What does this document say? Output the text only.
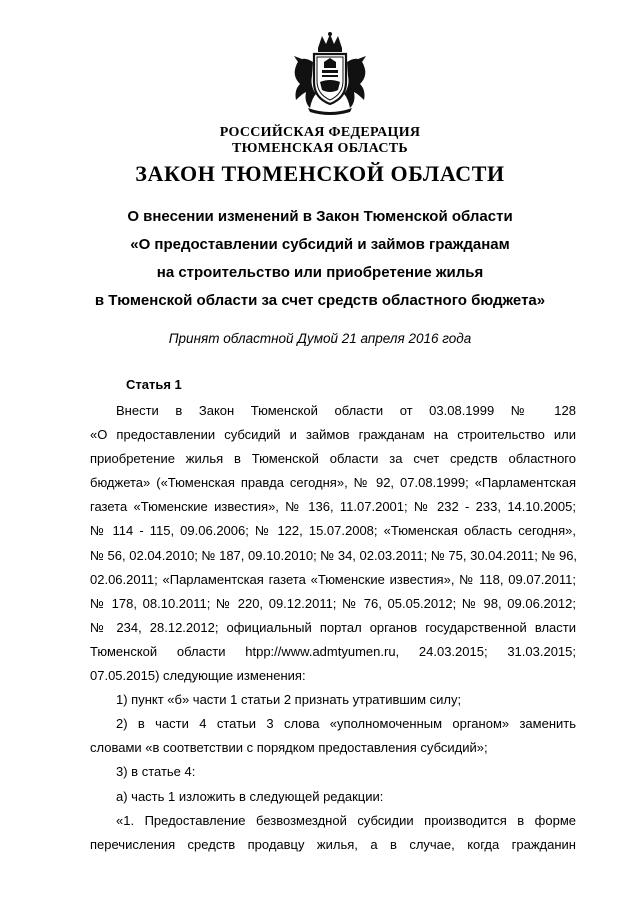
РОССИЙСКАЯ ФЕДЕРАЦИЯ
ТЮМЕНСКАЯ ОБЛАСТЬ
ЗАКОН ТЮМЕНСКОЙ ОБЛАСТИ
О внесении изменений в Закон Тюменской области
«О предоставлении субсидий и займов гражданам
на строительство или приобретение жилья
в Тюменской области за счет средств областного бюджета»
Принят областной Думой 21 апреля 2016 года
Статья 1
Внести в Закон Тюменской области от 03.08.1999 № 128
«О предоставлении субсидий и займов гражданам на строительство или
приобретение жилья в Тюменской области за счет средств областного
бюджета» («Тюменская правда сегодня», № 92, 07.08.1999; «Парламентская
газета «Тюменские известия», № 136, 11.07.2001; № 232 - 233, 14.10.2005;
№ 114 - 115, 09.06.2006; № 122, 15.07.2008; «Тюменская область сегодня»,
№ 56, 02.04.2010; № 187, 09.10.2010; № 34, 02.03.2011; № 75, 30.04.2011; № 96,
02.06.2011; «Парламентская газета «Тюменские известия», № 118, 09.07.2011;
№ 178, 08.10.2011; № 220, 09.12.2011; № 76, 05.05.2012; № 98, 09.06.2012;
№ 234, 28.12.2012; официальный портал органов государственной власти
Тюменской области htpp://www.admtyumen.ru, 24.03.2015; 31.03.2015;
07.05.2015) следующие изменения:
1) пункт «б» части 1 статьи 2 признать утратившим силу;
2) в части 4 статьи 3 слова «уполномоченным органом» заменить
словами «в соответствии с порядком предоставления субсидий»;
3) в статье 4:
а) часть 1 изложить в следующей редакции:
«1. Предоставление безвозмездной субсидии производится в форме
перечисления средств продавцу жилья, а в случае, когда гражданин
